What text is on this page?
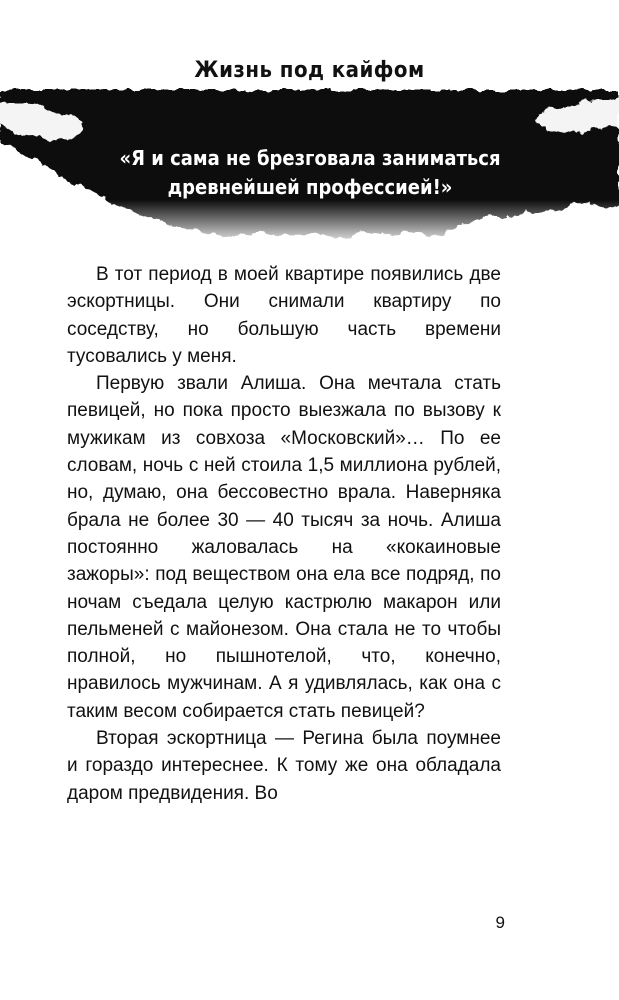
Жизнь под кайфом
«Я и сама не брезговала заниматься
древнейшей профессией!»

В тот период в моей квартире появились две эскортницы. Они снимали квартиру по соседству, но большую часть времени тусовались у меня.

Первую звали Алиша. Она мечтала стать певицей, но пока просто выезжала по вызову к мужикам из совхоза «Московский»… По ее словам, ночь с ней стоила 1,5 миллиона рублей, но, думаю, она бессовестно врала. Наверняка брала не более 30 — 40 тысяч за ночь. Алиша постоянно жаловалась на «кокаиновые зажоры»: под веществом она ела все подряд, по ночам съедала целую кастрюлю макарон или пельменей с майонезом. Она стала не то чтобы полной, но пышнотелой, что, конечно, нравилось мужчинам. А я удивлялась, как она с таким весом собирается стать певицей?

Вторая эскортница — Регина была поумнее и гораздо интереснее. К тому же она обладала даром предвидения. Во

9
